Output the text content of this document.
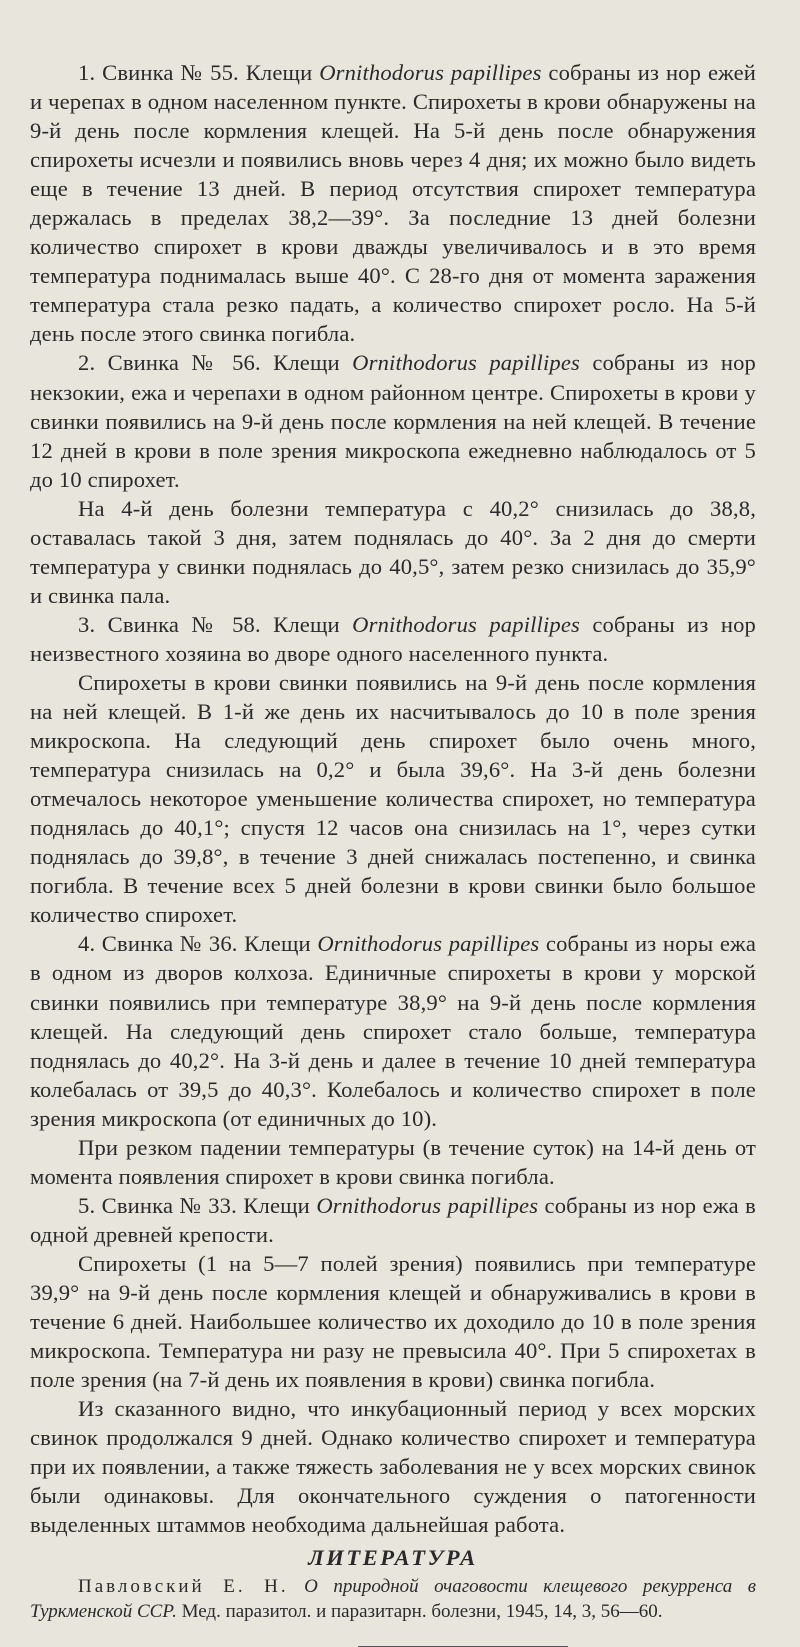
1. Свинка № 55. Клещи Ornithodorus papillipes собраны из нор ежей и черепах в одном населенном пункте. Спирохеты в крови обнаружены на 9-й день после кормления клещей. На 5-й день после обнаружения спирохеты исчезли и появились вновь через 4 дня; их можно было видеть еще в течение 13 дней. В период отсутствия спирохет температура держалась в пределах 38,2—39°. За последние 13 дней болезни количество спирохет в крови дважды увеличивалось и в это время температура поднималась выше 40°. С 28-го дня от момента заражения температура стала резко падать, а количество спирохет росло. На 5-й день после этого свинка погибла.

2. Свинка № 56. Клещи Ornithodorus papillipes собраны из нор некзокии, ежа и черепахи в одном районном центре. Спирохеты в крови у свинки появились на 9-й день после кормления на ней клещей. В течение 12 дней в крови в поле зрения микроскопа ежедневно наблюдалось от 5 до 10 спирохет.

На 4-й день болезни температура с 40,2° снизилась до 38,8, оставалась такой 3 дня, затем поднялась до 40°. За 2 дня до смерти температура у свинки поднялась до 40,5°, затем резко снизилась до 35,9° и свинка пала.

3. Свинка № 58. Клещи Ornithodorus papillipes собраны из нор неизвестного хозяина во дворе одного населенного пункта.

Спирохеты в крови свинки появились на 9-й день после кормления на ней клещей. В 1-й же день их насчитывалось до 10 в поле зрения микроскопа. На следующий день спирохет было очень много, температура снизилась на 0,2° и была 39,6°. На 3-й день болезни отмечалось некоторое уменьшение количества спирохет, но температура поднялась до 40,1°; спустя 12 часов она снизилась на 1°, через сутки поднялась до 39,8°, в течение 3 дней снижалась постепенно, и свинка погибла. В течение всех 5 дней болезни в крови свинки было большое количество спирохет.

4. Свинка № 36. Клещи Ornithodorus papillipes собраны из норы ежа в одном из дворов колхоза. Единичные спирохеты в крови у морской свинки появились при температуре 38,9° на 9-й день после кормления клещей. На следующий день спирохет стало больше, температура поднялась до 40,2°. На 3-й день и далее в течение 10 дней температура колебалась от 39,5 до 40,3°. Колебалось и количество спирохет в поле зрения микроскопа (от единичных до 10).

При резком падении температуры (в течение суток) на 14-й день от момента появления спирохет в крови свинка погибла.

5. Свинка № 33. Клещи Ornithodorus papillipes собраны из нор ежа в одной древней крепости.

Спирохеты (1 на 5—7 полей зрения) появились при температуре 39,9° на 9-й день после кормления клещей и обнаруживались в крови в течение 6 дней. Наибольшее количество их доходило до 10 в поле зрения микроскопа. Температура ни разу не превысила 40°. При 5 спирохетах в поле зрения (на 7-й день их появления в крови) свинка погибла.

Из сказанного видно, что инкубационный период у всех морских свинок продолжался 9 дней. Однако количество спирохет и температура при их появлении, а также тяжесть заболевания не у всех морских свинок были одинаковы. Для окончательного суждения о патогенности выделенных штаммов необходима дальнейшая работа.

ЛИТЕРАТУРА

Павловский Е. Н. О природной очаговости клещевого рекурренса в Туркменской ССР. Мед. паразитол. и паразитарн. болезни, 1945, 14, 3, 56—60.
